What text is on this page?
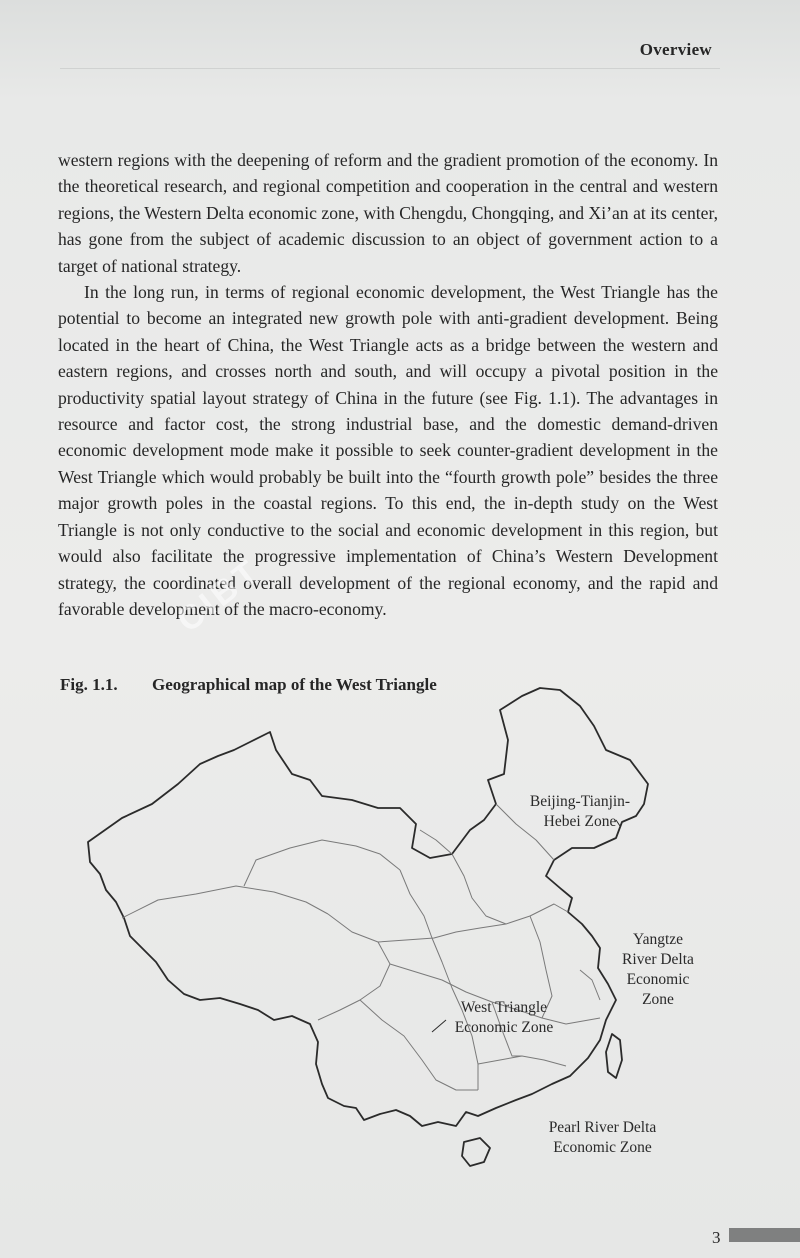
Overview

western regions with the deepening of reform and the gradient promotion of the economy. In the theoretical research, and regional competition and cooperation in the central and western regions, the Western Delta economic zone, with Chengdu, Chongqing, and Xi’an at its center, has gone from the subject of academic discussion to an object of government action to a target of national strategy.

In the long run, in terms of regional economic development, the West Triangle has the potential to become an integrated new growth pole with anti-gradient development. Being located in the heart of China, the West Triangle acts as a bridge between the western and eastern regions, and crosses north and south, and will occupy a pivotal position in the productivity spatial layout strategy of China in the future (see Fig. 1.1). The advantages in resource and factor cost, the strong industrial base, and the domestic demand-driven economic development mode make it possible to seek counter-gradient development in the West Triangle which would probably be built into the “fourth growth pole” besides the three major growth poles in the coastal regions. To this end, the in-depth study on the West Triangle is not only conductive to the social and economic development in this region, but would also facilitate the progressive implementation of China’s Western Development strategy, the coordinated overall development of the regional economy, and the rapid and favorable development of the macro-economy.

Fig. 1.1. Geographical map of the West Triangle
Beijing-Tianjin-
Hebei Zone
Yangtze
River Delta
Economic
Zone
West Triangle
Economic Zone
Pearl River Delta
Economic Zone
CIBT
3
